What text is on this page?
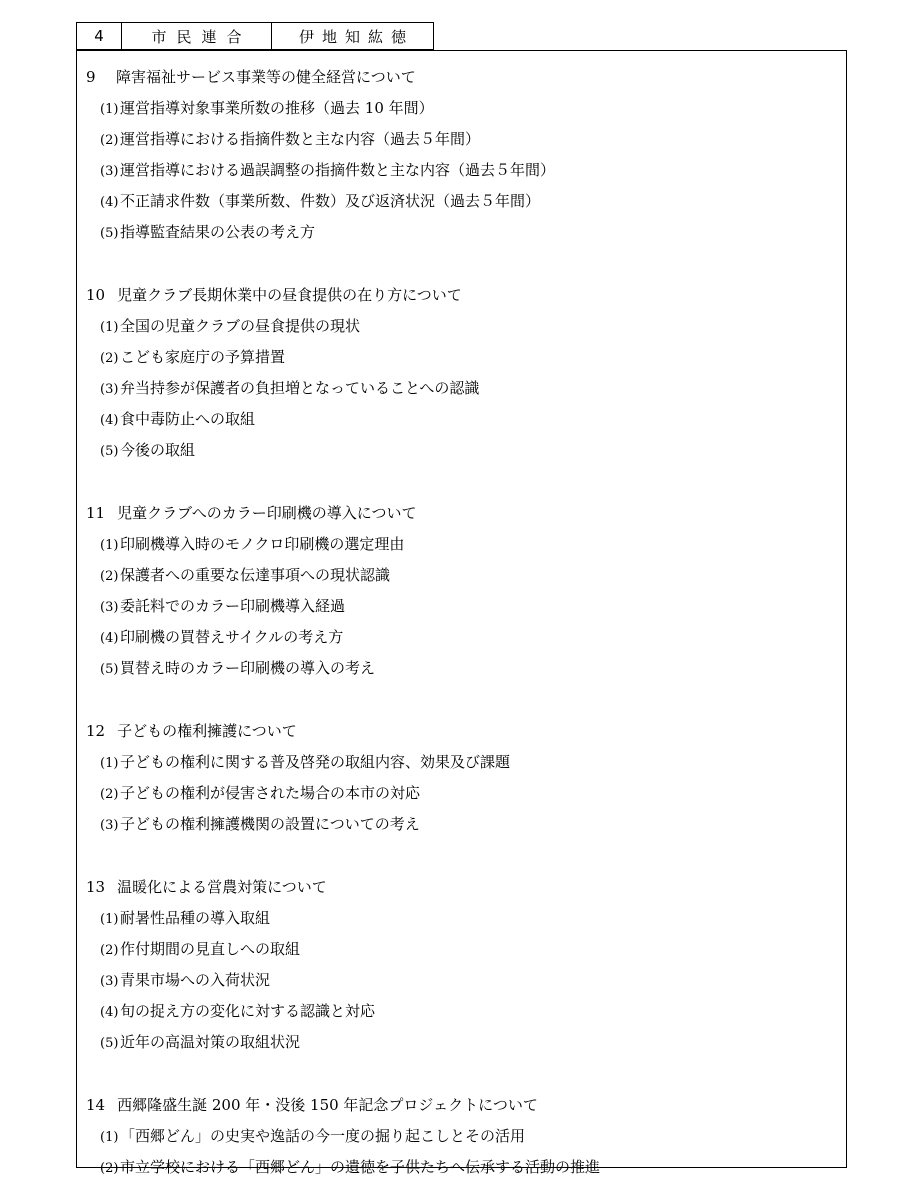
4	市民連合	伊地知紘徳
9 障害福祉サービス事業等の健全経営について
(1) 運営指導対象事業所数の推移（過去 10 年間）
(2) 運営指導における指摘件数と主な内容（過去５年間）
(3) 運営指導における過誤調整の指摘件数と主な内容（過去５年間）
(4) 不正請求件数（事業所数、件数）及び返済状況（過去５年間）
(5) 指導監査結果の公表の考え方
10 児童クラブ長期休業中の昼食提供の在り方について
(1) 全国の児童クラブの昼食提供の現状
(2) こども家庭庁の予算措置
(3) 弁当持参が保護者の負担増となっていることへの認識
(4) 食中毒防止への取組
(5) 今後の取組
11 児童クラブへのカラー印刷機の導入について
(1) 印刷機導入時のモノクロ印刷機の選定理由
(2) 保護者への重要な伝達事項への現状認識
(3) 委託料でのカラー印刷機導入経過
(4) 印刷機の買替えサイクルの考え方
(5) 買替え時のカラー印刷機の導入の考え
12 子どもの権利擁護について
(1) 子どもの権利に関する普及啓発の取組内容、効果及び課題
(2) 子どもの権利が侵害された場合の本市の対応
(3) 子どもの権利擁護機関の設置についての考え
13 温暖化による営農対策について
(1) 耐暑性品種の導入取組
(2) 作付期間の見直しへの取組
(3) 青果市場への入荷状況
(4) 旬の捉え方の変化に対する認識と対応
(5) 近年の高温対策の取組状況
14 西郷隆盛生誕 200 年・没後 150 年記念プロジェクトについて
(1) 「西郷どん」の史実や逸話の今一度の掘り起こしとその活用
(2) 市立学校における「西郷どん」の遺徳を子供たちへ伝承する活動の推進
